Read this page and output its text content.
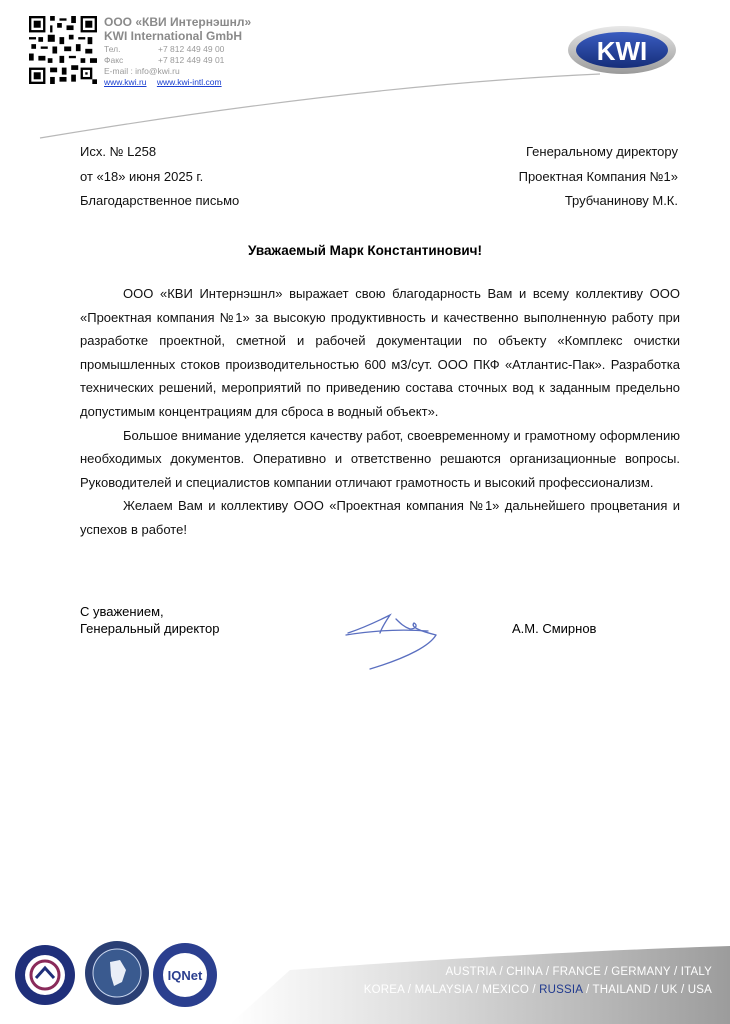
ООО «КВИ Интернэшнл»
KWI International GmbH
Тел.	+7 812 449 49 00
Факс	+7 812 449 49 01
E-mail : info@kwi.ru
www.kwi.ru www.kwi-intl.com
KWI
Исх. № L258
от «18» июня 2025 г.
Благодарственное письмо
Генеральному директору
Проектная Компания №1»
Трубчанинову М.К.
Уважаемый Марк Константинович!

ООО «КВИ Интернэшнл» выражает свою благодарность Вам и всему коллективу ООО «Проектная компания №1» за высокую продуктивность и качественно выполненную работу при разработке проектной, сметной и рабочей документации по объекту «Комплекс очистки промышленных стоков производительностью 600 м3/сут. ООО ПКФ «Атлантис-Пак». Разработка технических решений, мероприятий по приведению состава сточных вод к заданным предельно допустимым концентрациям для сброса в водный объект».

Большое внимание уделяется качеству работ, своевременному и грамотному оформлению необходимых документов. Оперативно и ответственно решаются организационные вопросы. Руководителей и специалистов компании отличают грамотность и высокий профессионализм.

Желаем Вам и коллективу ООО «Проектная компания №1» дальнейшего процветания и успехов в работе!

С уважением,
Генеральный директор	А.М. Смирнов
AUSTRIA / CHINA / FRANCE / GERMANY / ITALY
KOREA / MALAYSIA / MEXICO / RUSSIA / THAILAND / UK / USA
IQNet
